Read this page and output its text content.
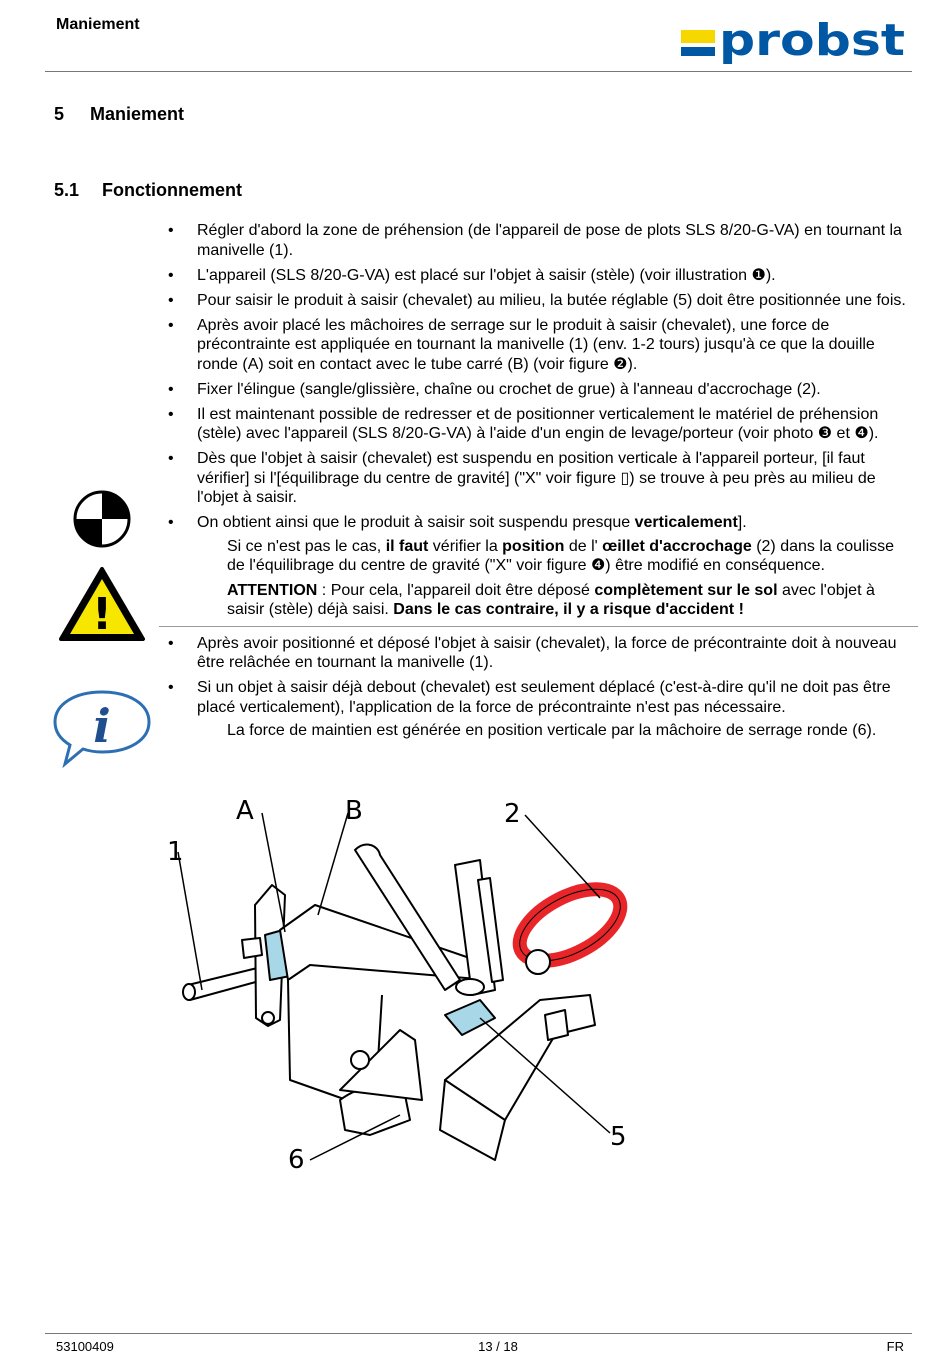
Maniement	probst
5 Maniement
5.1 Fonctionnement
!
i
• Régler d'abord la zone de préhension (de l'appareil de pose de plots SLS 8/20-G-VA) en tournant la manivelle (1).
• L'appareil (SLS 8/20-G-VA) est placé sur l'objet à saisir (stèle) (voir illustration ❶).
• Pour saisir le produit à saisir (chevalet) au milieu, la butée réglable (5) doit être positionnée une fois.
• Après avoir placé les mâchoires de serrage sur le produit à saisir (chevalet), une force de précontrainte est appliquée en tournant la manivelle (1) (env. 1-2 tours) jusqu'à ce que la douille ronde (A) soit en contact avec le tube carré (B) (voir figure ❷).
• Fixer l'élingue (sangle/glissière, chaîne ou crochet de grue) à l'anneau d'accrochage (2).
• Il est maintenant possible de redresser et de positionner verticalement le matériel de préhension (stèle) avec l'appareil (SLS 8/20-G-VA) à l'aide d'un engin de levage/porteur (voir photo ❸ et ❹).
• Dès que l'objet à saisir (chevalet) est suspendu en position verticale à l'appareil porteur, [il faut vérifier] si l'[équilibrage du centre de gravité] ("X" voir figure ▯) se trouve à peu près au milieu de l'objet à saisir.
• On obtient ainsi que le produit à saisir soit suspendu presque verticalement].

Si ce n'est pas le cas, il faut vérifier la position de l' œillet d'accrochage (2) dans la coulisse de l'équilibrage du centre de gravité ("X" voir figure ❹) être modifié en conséquence.

ATTENTION : Pour cela, l'appareil doit être déposé complètement sur le sol avec l'objet à saisir (stèle) déjà saisi. Dans le cas contraire, il y a risque d'accident !

• Après avoir positionné et déposé l'objet à saisir (chevalet), la force de précontrainte doit à nouveau être relâchée en tournant la manivelle (1).
• Si un objet à saisir déjà debout (chevalet) est seulement déplacé (c'est-à-dire qu'il ne doit pas être placé verticalement), l'application de la force de précontrainte n'est pas nécessaire.

La force de maintien est générée en position verticale par la mâchoire de serrage ronde (6).

1
A	B	2
5
6
53100409	13 / 18	FR
